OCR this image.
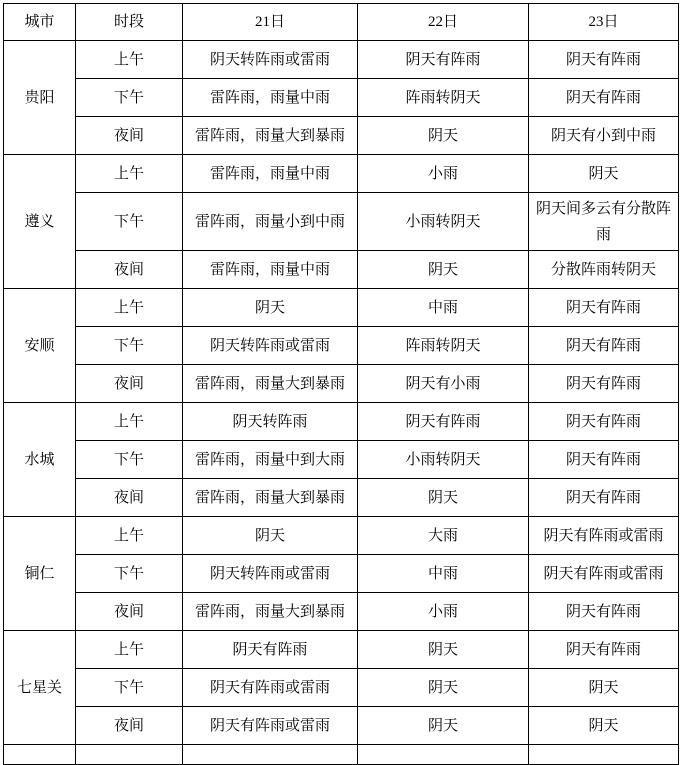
城市	时段	21日	22日	23日
贵阳	上午	阴天转阵雨或雷雨	阴天有阵雨	阴天有阵雨
	下午	雷阵雨，雨量中雨	阵雨转阴天	阴天有阵雨
	夜间	雷阵雨，雨量大到暴雨	阴天	阴天有小到中雨
遵义	上午	雷阵雨，雨量中雨	小雨	阴天
	下午	雷阵雨，雨量小到中雨	小雨转阴天	阴天间多云有分散阵雨
	夜间	雷阵雨，雨量中雨	阴天	分散阵雨转阴天
安顺	上午	阴天	中雨	阴天有阵雨
	下午	阴天转阵雨或雷雨	阵雨转阴天	阴天有阵雨
	夜间	雷阵雨，雨量大到暴雨	阴天有小雨	阴天有阵雨
水城	上午	阴天转阵雨	阴天有阵雨	阴天有阵雨
	下午	雷阵雨，雨量中到大雨	小雨转阴天	阴天有阵雨
	夜间	雷阵雨，雨量大到暴雨	阴天	阴天有阵雨
铜仁	上午	阴天	大雨	阴天有阵雨或雷雨
	下午	阴天转阵雨或雷雨	中雨	阴天有阵雨或雷雨
	夜间	雷阵雨，雨量大到暴雨	小雨	阴天有阵雨
七星关	上午	阴天有阵雨	阴天	阴天有阵雨
	下午	阴天有阵雨或雷雨	阴天	阴天
	夜间	阴天有阵雨或雷雨	阴天	阴天
